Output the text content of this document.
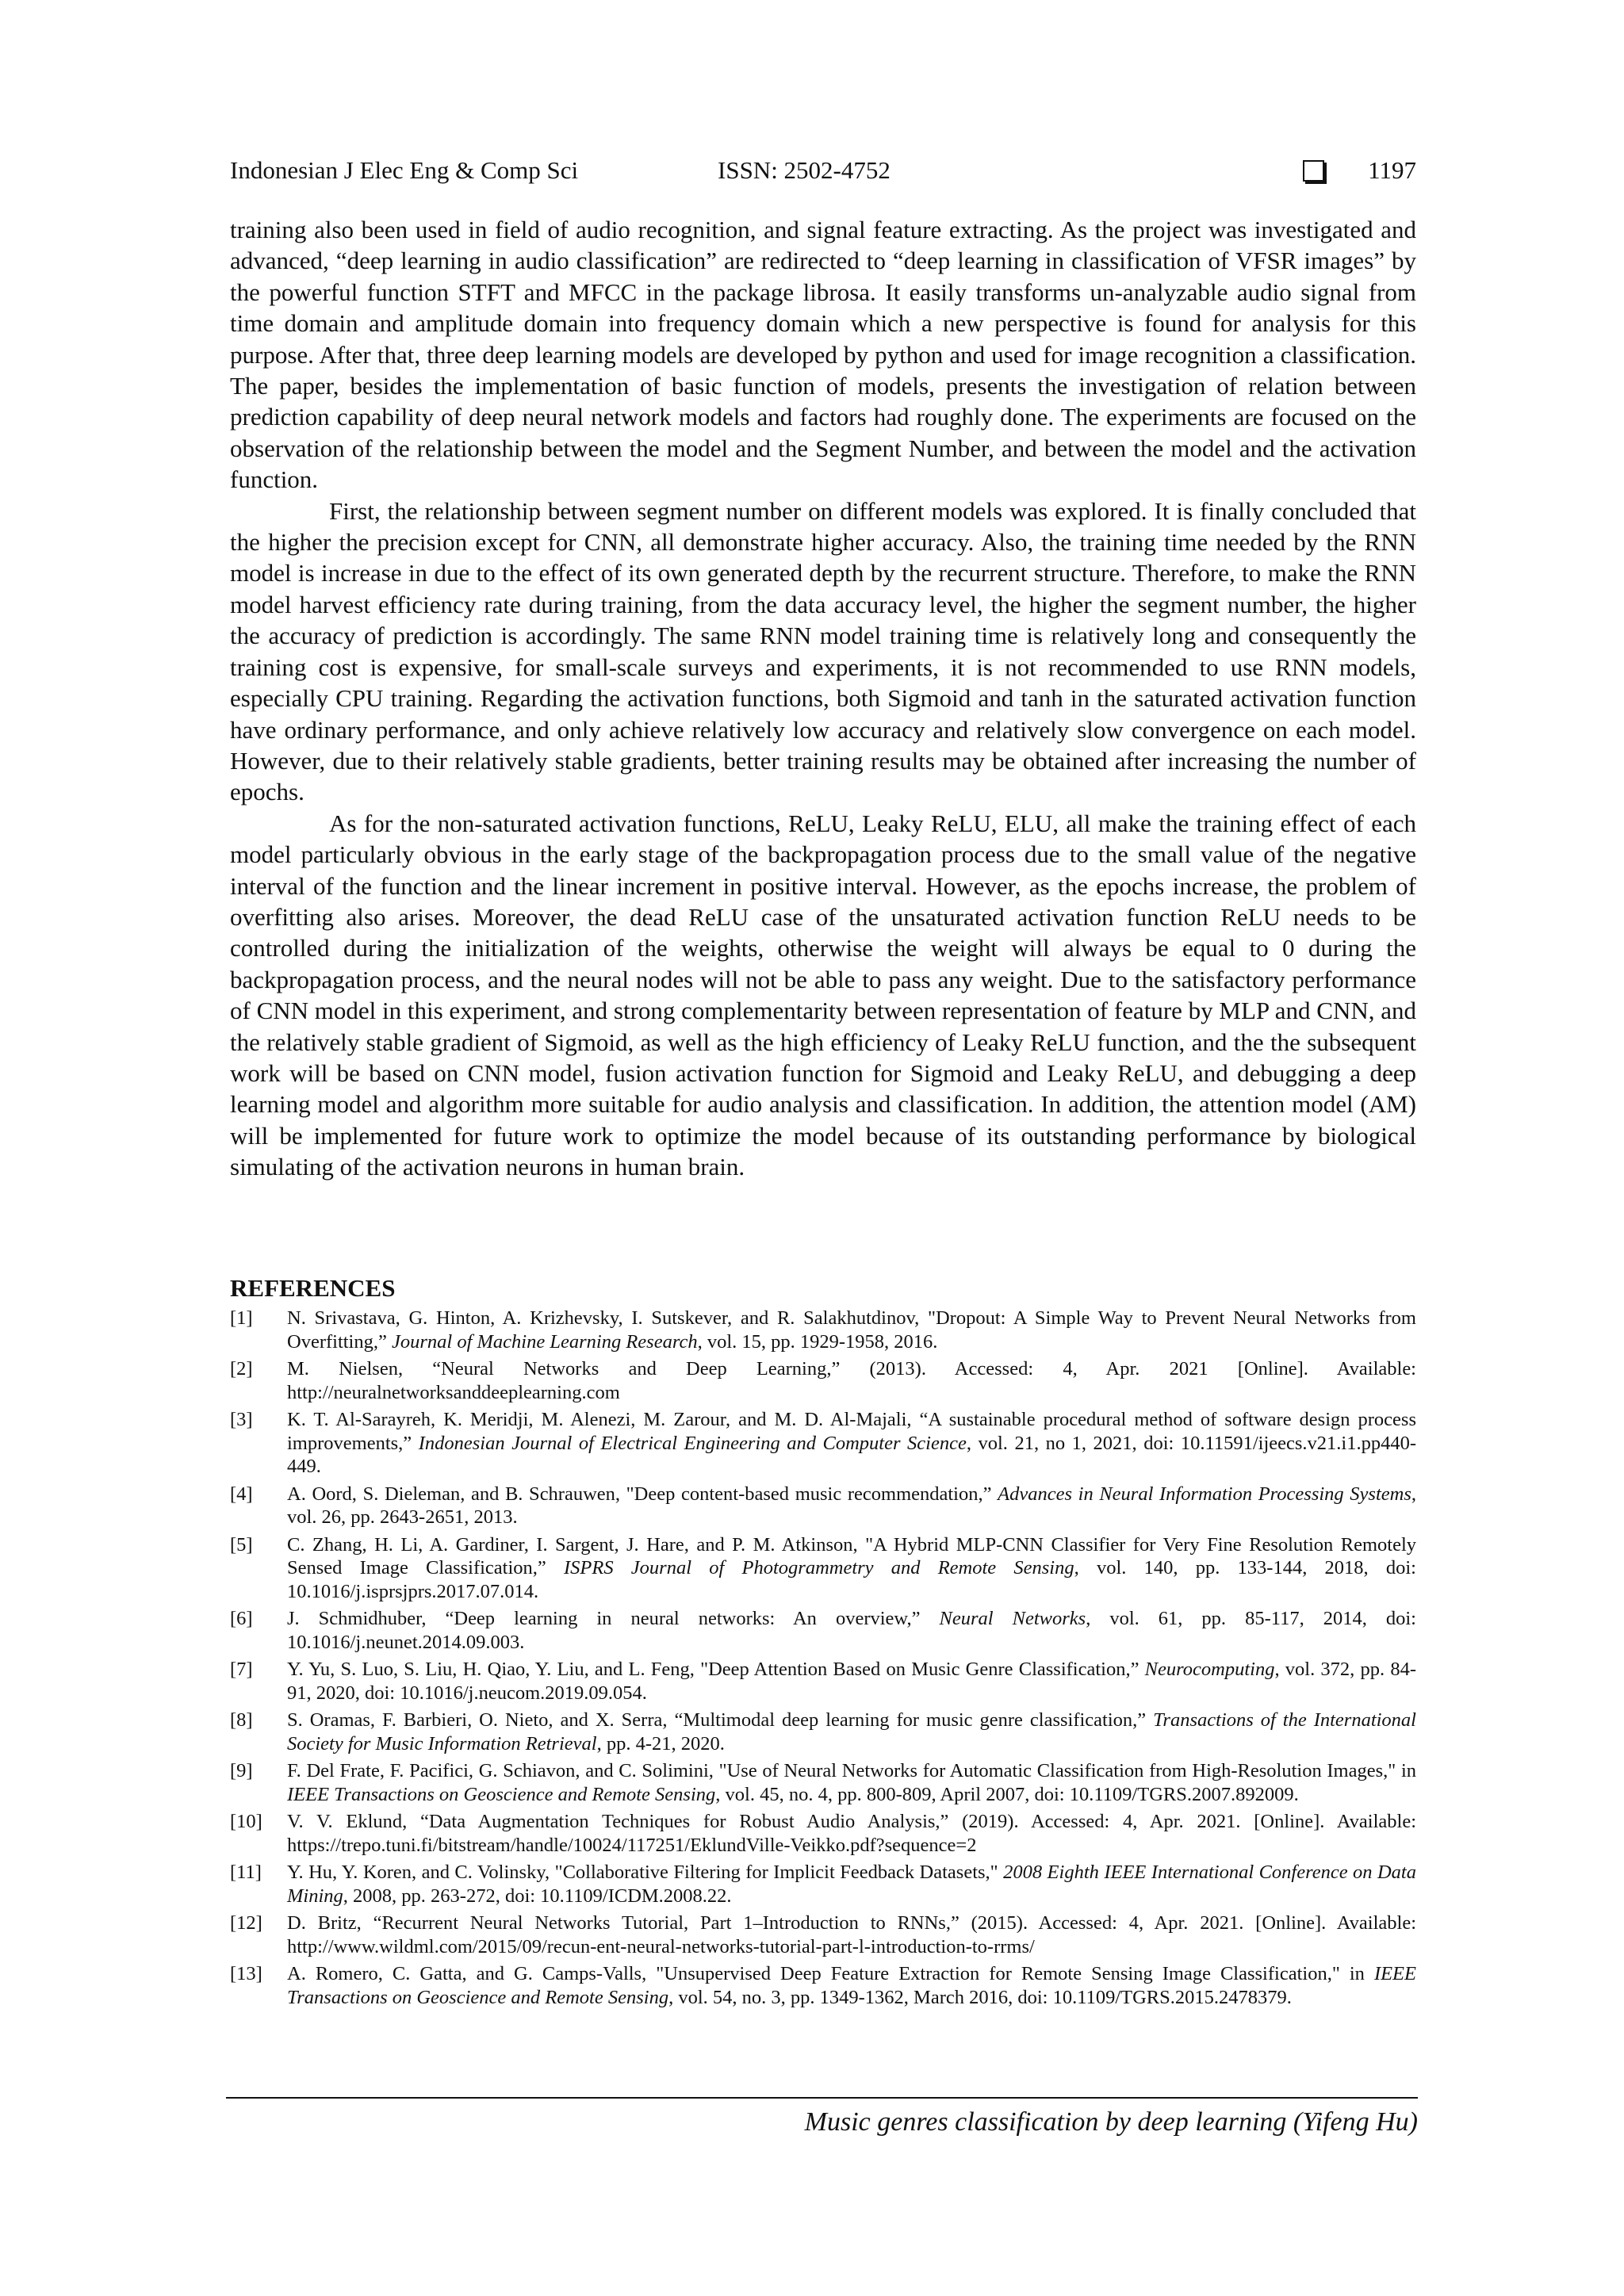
Indonesian J Elec Eng & Comp Sci	ISSN: 2502-4752	1197

training also been used in field of audio recognition, and signal feature extracting. As the project was investigated and advanced, “deep learning in audio classification” are redirected to “deep learning in classification of VFSR images” by the powerful function STFT and MFCC in the package librosa. It easily transforms un-analyzable audio signal from time domain and amplitude domain into frequency domain which a new perspective is found for analysis for this purpose. After that, three deep learning models are developed by python and used for image recognition a classification. The paper, besides the implementation of basic function of models, presents the investigation of relation between prediction capability of deep neural network models and factors had roughly done. The experiments are focused on the observation of the relationship between the model and the Segment Number, and between the model and the activation function.

First, the relationship between segment number on different models was explored. It is finally concluded that the higher the precision except for CNN, all demonstrate higher accuracy. Also, the training time needed by the RNN model is increase in due to the effect of its own generated depth by the recurrent structure. Therefore, to make the RNN model harvest efficiency rate during training, from the data accuracy level, the higher the segment number, the higher the accuracy of prediction is accordingly. The same RNN model training time is relatively long and consequently the training cost is expensive, for small-scale surveys and experiments, it is not recommended to use RNN models, especially CPU training. Regarding the activation functions, both Sigmoid and tanh in the saturated activation function have ordinary performance, and only achieve relatively low accuracy and relatively slow convergence on each model. However, due to their relatively stable gradients, better training results may be obtained after increasing the number of epochs.

As for the non-saturated activation functions, ReLU, Leaky ReLU, ELU, all make the training effect of each model particularly obvious in the early stage of the backpropagation process due to the small value of the negative interval of the function and the linear increment in positive interval. However, as the epochs increase, the problem of overfitting also arises. Moreover, the dead ReLU case of the unsaturated activation function ReLU needs to be controlled during the initialization of the weights, otherwise the weight will always be equal to 0 during the backpropagation process, and the neural nodes will not be able to pass any weight. Due to the satisfactory performance of CNN model in this experiment, and strong complementarity between representation of feature by MLP and CNN, and the relatively stable gradient of Sigmoid, as well as the high efficiency of Leaky ReLU function, and the the subsequent work will be based on CNN model, fusion activation function for Sigmoid and Leaky ReLU, and debugging a deep learning model and algorithm more suitable for audio analysis and classification. In addition, the attention model (AM) will be implemented for future work to optimize the model because of its outstanding performance by biological simulating of the activation neurons in human brain.

REFERENCES
[1] N. Srivastava, G. Hinton, A. Krizhevsky, I. Sutskever, and R. Salakhutdinov, "Dropout: A Simple Way to Prevent Neural Networks from Overfitting,” Journal of Machine Learning Research, vol. 15, pp. 1929-1958, 2016.
[2] M. Nielsen, “Neural Networks and Deep Learning,” (2013). Accessed: 4, Apr. 2021 [Online]. Available: http://neuralnetworksanddeeplearning.com
[3] K. T. Al-Sarayreh, K. Meridji, M. Alenezi, M. Zarour, and M. D. Al-Majali, “A sustainable procedural method of software design process improvements,” Indonesian Journal of Electrical Engineering and Computer Science, vol. 21, no 1, 2021, doi: 10.11591/ijeecs.v21.i1.pp440-449.
[4] A. Oord, S. Dieleman, and B. Schrauwen, "Deep content-based music recommendation,” Advances in Neural Information Processing Systems, vol. 26, pp. 2643-2651, 2013.
[5] C. Zhang, H. Li, A. Gardiner, I. Sargent, J. Hare, and P. M. Atkinson, "A Hybrid MLP-CNN Classifier for Very Fine Resolution Remotely Sensed Image Classification,” ISPRS Journal of Photogrammetry and Remote Sensing, vol. 140, pp. 133-144, 2018, doi: 10.1016/j.isprsjprs.2017.07.014.
[6] J. Schmidhuber, “Deep learning in neural networks: An overview,” Neural Networks, vol. 61, pp. 85-117, 2014, doi: 10.1016/j.neunet.2014.09.003.
[7] Y. Yu, S. Luo, S. Liu, H. Qiao, Y. Liu, and L. Feng, "Deep Attention Based on Music Genre Classification,” Neurocomputing, vol. 372, pp. 84-91, 2020, doi: 10.1016/j.neucom.2019.09.054.
[8] S. Oramas, F. Barbieri, O. Nieto, and X. Serra, “Multimodal deep learning for music genre classification,” Transactions of the International Society for Music Information Retrieval, pp. 4-21, 2020.
[9] F. Del Frate, F. Pacifici, G. Schiavon, and C. Solimini, "Use of Neural Networks for Automatic Classification from High-Resolution Images," in IEEE Transactions on Geoscience and Remote Sensing, vol. 45, no. 4, pp. 800-809, April 2007, doi: 10.1109/TGRS.2007.892009.
[10] V. V. Eklund, “Data Augmentation Techniques for Robust Audio Analysis,” (2019). Accessed: 4, Apr. 2021. [Online]. Available: https://trepo.tuni.fi/bitstream/handle/10024/117251/EklundVille-Veikko.pdf?sequence=2
[11] Y. Hu, Y. Koren, and C. Volinsky, "Collaborative Filtering for Implicit Feedback Datasets," 2008 Eighth IEEE International Conference on Data Mining, 2008, pp. 263-272, doi: 10.1109/ICDM.2008.22.
[12] D. Britz, “Recurrent Neural Networks Tutorial, Part 1–Introduction to RNNs,” (2015). Accessed: 4, Apr. 2021. [Online]. Available: http://www.wildml.com/2015/09/recun-ent-neural-networks-tutorial-part-l-introduction-to-rrms/
[13] A. Romero, C. Gatta, and G. Camps-Valls, "Unsupervised Deep Feature Extraction for Remote Sensing Image Classification," in IEEE Transactions on Geoscience and Remote Sensing, vol. 54, no. 3, pp. 1349-1362, March 2016, doi: 10.1109/TGRS.2015.2478379.
Music genres classification by deep learning (Yifeng Hu)
